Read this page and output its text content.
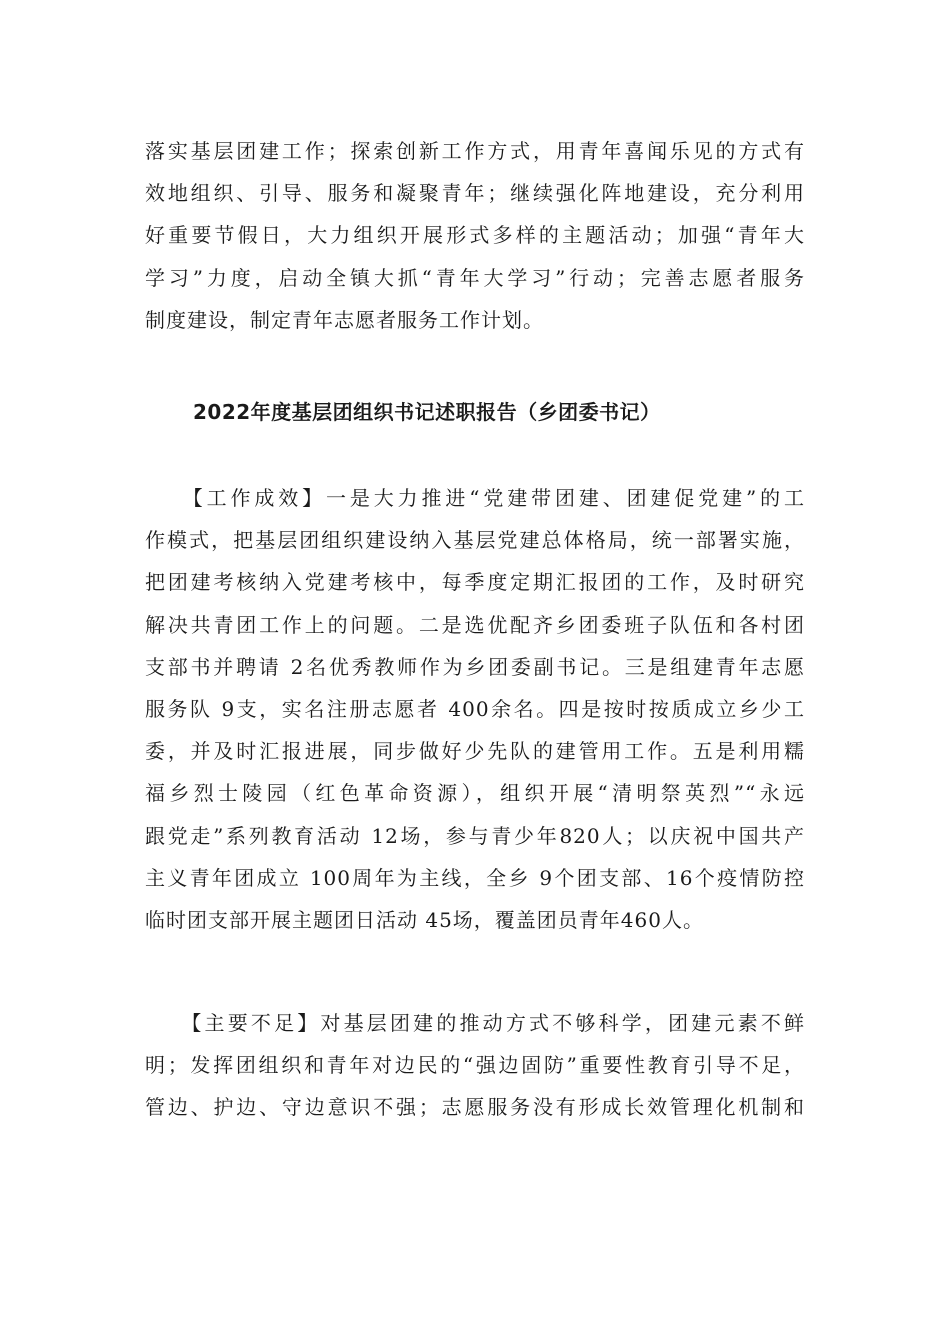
落实基层团建工作；探索创新工作方式，用青年喜闻乐见的方式有
效地组织、引导、服务和凝聚青年；继续强化阵地建设，充分利用
好重要节假日，大力组织开展形式多样的主题活动；加强“青年大
学习”力度，启动全镇大抓“青年大学习”行动；完善志愿者服务
制度建设，制定青年志愿者服务工作计划。
2022年度基层团组织书记述职报告（乡团委书记）
　　【工作成效】一是大力推进“党建带团建、团建促党建”的工
作模式，把基层团组织建设纳入基层党建总体格局，统一部署实施，
把团建考核纳入党建考核中，每季度定期汇报团的工作，及时研究
解决共青团工作上的问题。二是选优配齐乡团委班子队伍和各村团
支部书并聘请 2名优秀教师作为乡团委副书记。三是组建青年志愿
服务队 9支，实名注册志愿者 400余名。四是按时按质成立乡少工
委，并及时汇报进展，同步做好少先队的建管用工作。五是利用糯
福乡烈士陵园（红色革命资源），组织开展“清明祭英烈”“永远
跟党走”系列教育活动 12场，参与青少年820人；以庆祝中国共产
主义青年团成立 100周年为主线，全乡 9个团支部、16个疫情防控
临时团支部开展主题团日活动 45场，覆盖团员青年460人。
　　【主要不足】对基层团建的推动方式不够科学，团建元素不鲜
明；发挥团组织和青年对边民的“强边固防”重要性教育引导不足，
管边、护边、守边意识不强；志愿服务没有形成长效管理化机制和
